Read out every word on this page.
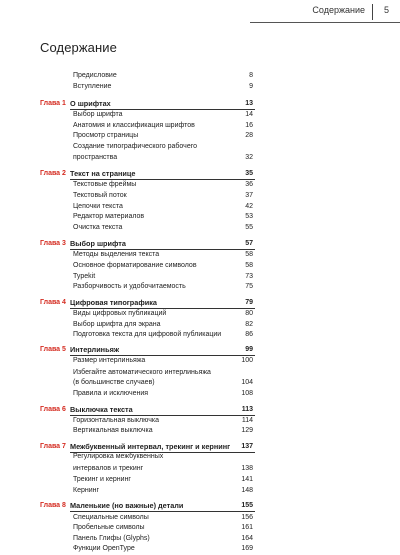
Содержание 5
Содержание
Предисловие	8
Вступление	9
Глава 1 О шрифтах	13
Выбор шрифта	14
Анатомия и классификация шрифтов	16
Просмотр страницы	28
Создание типографического рабочего
пространства	32
Глава 2 Текст на странице	35
Текстовые фреймы	36
Текстовый поток	37
Цепочки текста	42
Редактор материалов	53
Очистка текста	55
Глава 3 Выбор шрифта	57
Методы выделения текста	58
Основное форматирование символов	58
Typekit	73
Разборчивость и удобочитаемость	75
Глава 4 Цифровая типографика	79
Виды цифровых публикаций	80
Выбор шрифта для экрана	82
Подготовка текста для цифровой публикации	86
Глава 5 Интерлиньяж	99
Размер интерлиньяжа	100
Избегайте автоматического интерлиньяжа
(в большинстве случаев)	104
Правила и исключения	108
Глава 6 Выключка текста	113
Горизонтальная выключка	114
Вертикальная выключка	129
Глава 7 Межбуквенный интервал, трекинг и кернинг 137
Регулировка межбуквенных
интервалов и трекинг	138
Трекинг и кернинг	141
Кернинг	148
Глава 8 Маленькие (но важные) детали	155
Специальные символы	156
Пробельные символы	161
Панель Глифы (Glyphs)	164
Функции OpenType	169
